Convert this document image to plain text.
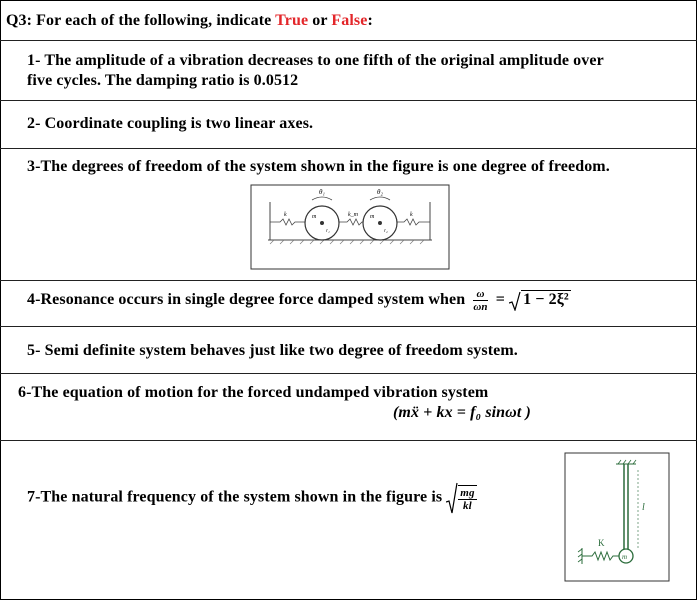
Q3: For each of the following, indicate True or False:
1- The amplitude of a vibration decreases to one fifth of the original amplitude over
five cycles. The damping ratio is 0.0512
2- Coordinate coupling is two linear axes.
3-The degrees of freedom of the system shown in the figure is one degree of freedom.
θ₁	θ₂
k	k_m	k
m	m
r₁	r₂
4-Resonance occurs in single degree force damped system when $\frac{\omega}{\omega n} = 1 - 2\xi^2$
5- Semi definite system behaves just like two degree of freedom system.
6-The equation of motion for the forced undamped vibration system
(mẍ + kx = f₀ sinωt )
7-The natural frequency of the system shown in the figure is $\frac{mg}{kl}$	l
m
K
